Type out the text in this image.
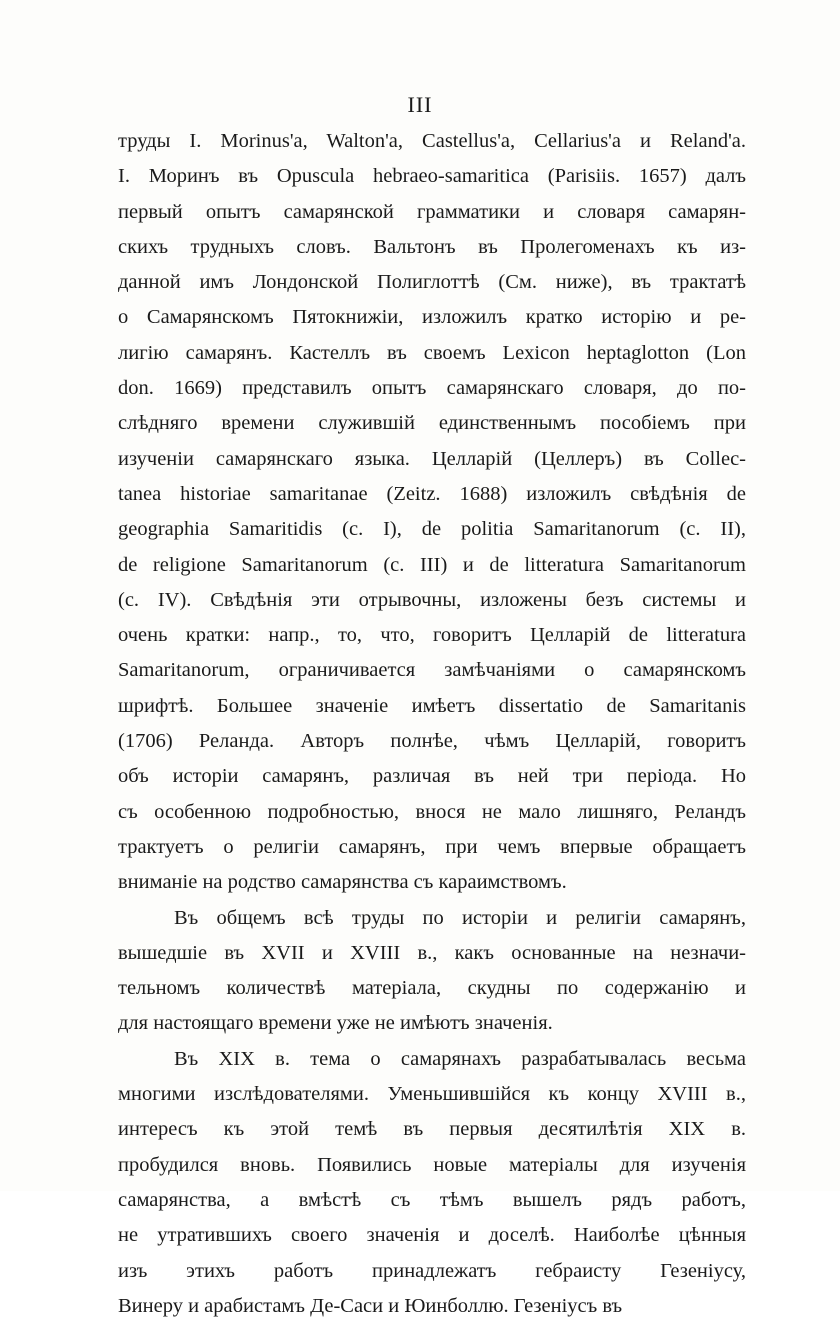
III
труды I. Morinus'a, Walton'a, Castellus'a, Cellarius'a и Reland'a.
I. Моринъ въ Opuscula hebraeo-samaritica (Parisiis. 1657) далъ
первый опытъ самарянской грамматики и словаря самарян-
скихъ трудныхъ словъ. Вальтонъ въ Пролегоменахъ къ из-
данной имъ Лондонской Полиглоттѣ (См. ниже), въ трактатѣ
о Самарянскомъ Пятокнижіи, изложилъ кратко исторію и ре-
лигію самарянъ. Кастеллъ въ своемъ Lexicon heptaglotton (Lon
don. 1669) представилъ опытъ самарянскаго словаря, до по-
слѣдняго времени служившій единственнымъ пособіемъ при
изученіи самарянскаго языка. Целларій (Целлеръ) въ Collec-
tanea historiae samaritanae (Zeitz. 1688) изложилъ свѣдѣнія de
geographia Samaritidis (c. I), de politia Samaritanorum (c. II),
de religione Samaritanorum (c. III) и de litteratura Samaritanorum
(c. IV). Свѣдѣнія эти отрывочны, изложены безъ системы и
очень кратки: напр., то, что, говоритъ Целларій de litteratura
Samaritanorum, ограничивается замѣчаніями о самарянскомъ
шрифтѣ. Большее значеніе имѣетъ dissertatio de Samaritanis
(1706) Реланда. Авторъ полнѣе, чѣмъ Целларій, говоритъ
объ исторіи самарянъ, различая въ ней три періода. Но
съ особенною подробностью, внося не мало лишняго, Реландъ
трактуетъ о религіи самарянъ, при чемъ впервые обращаетъ
вниманіе на родство самарянства съ караимствомъ.
Въ общемъ всѣ труды по исторіи и религіи самарянъ,
вышедшіе въ XVII и XVIII в., какъ основанные на незначи-
тельномъ количествѣ матеріала, скудны по содержанію и
для настоящаго времени уже не имѣютъ значенія.
Въ XIX в. тема о самарянахъ разрабатывалась весьма
многими изслѣдователями. Уменьшившійся къ концу XVIII в.,
интересъ къ этой темѣ въ первыя десятилѣтія XIX в.
пробудился вновь. Появились новые матеріалы для изученія
самарянства, а вмѣстѣ съ тѣмъ вышелъ рядъ работъ,
не утратившихъ своего значенія и доселѣ. Наиболѣе цѣнныя
изъ этихъ работъ принадлежатъ гебраисту Гезеніусу,
Винеру и арабистамъ Де-Саси и Юинболлю. Гезеніусъ въ
